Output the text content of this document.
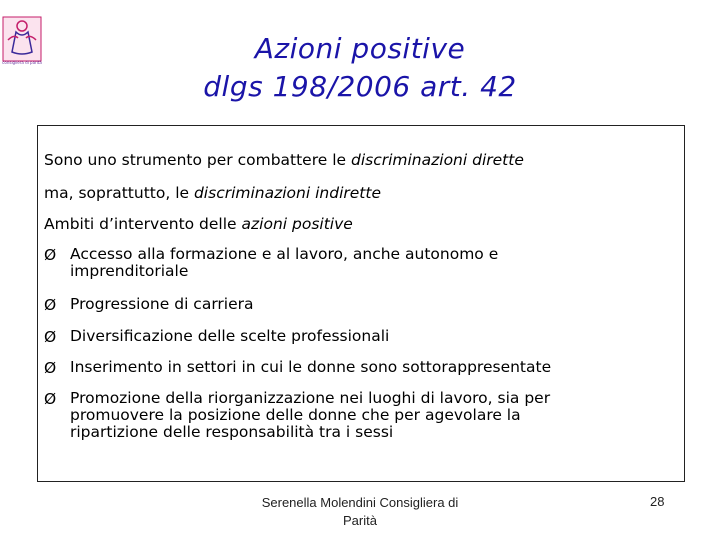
consigliera di parità	Azioni positive
dlgs 198/2006 art. 42
Sono uno strumento per combattere le discriminazioni dirette
ma, soprattutto, le discriminazioni indirette
Ambiti d’intervento delle azioni positive
Ø Accesso alla formazione e al lavoro, anche autonomo e
imprenditoriale
Ø Progressione di carriera
Ø Diversificazione delle scelte professionali
Ø Inserimento in settori in cui le donne sono sottorappresentate
Ø Promozione della riorganizzazione nei luoghi di lavoro, sia per
promuovere la posizione delle donne che per agevolare la
ripartizione delle responsabilità tra i sessi
Serenella Molendini Consigliera di
Parità
28
